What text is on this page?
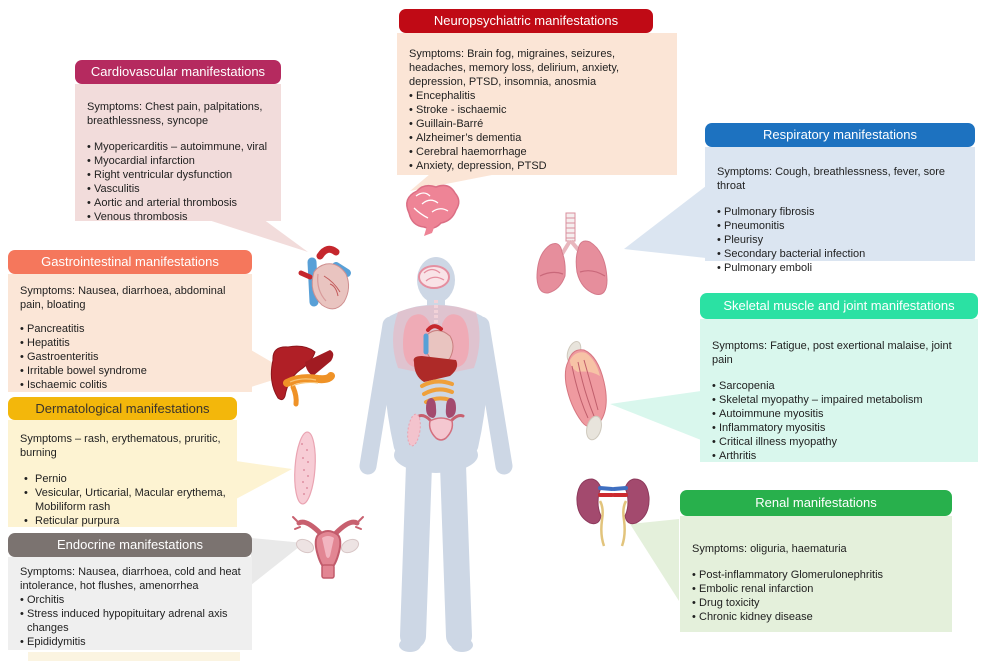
Cardiovascular manifestations
Symptoms: Chest pain, palpitations, breathlessness, syncope
• Myopericarditis – autoimmune, viral
• Myocardial infarction
• Right ventricular dysfunction
• Vasculitis
• Aortic and arterial thrombosis
• Venous thrombosis
Neuropsychiatric manifestations
Symptoms: Brain fog, migraines, seizures, headaches, memory loss, delirium, anxiety, depression, PTSD, insomnia, anosmia
• Encephalitis
• Stroke - ischaemic
• Guillain-Barré
• Alzheimer’s dementia
• Cerebral haemorrhage
• Anxiety, depression, PTSD
Respiratory manifestations
Symptoms: Cough, breathlessness, fever, sore throat
• Pulmonary fibrosis
• Pneumonitis
• Pleurisy
• Secondary bacterial infection
• Pulmonary emboli
Gastrointestinal manifestations
Symptoms: Nausea, diarrhoea, abdominal pain, bloating
• Pancreatitis
• Hepatitis
• Gastroenteritis
• Irritable bowel syndrome
• Ischaemic colitis
Skeletal muscle and joint manifestations
Symptoms: Fatigue, post exertional malaise, joint pain
• Sarcopenia
• Skeletal myopathy – impaired metabolism
• Autoimmune myositis
• Inflammatory myositis
• Critical illness myopathy
• Arthritis
Dermatological manifestations
Symptoms – rash, erythematous, pruritic, burning
• Pernio
• Vesicular, Urticarial, Macular erythema, Mobiliform rash
• Reticular purpura
Renal manifestations
Symptoms: oliguria, haematuria
• Post-inflammatory Glomerulonephritis
• Embolic renal infarction
• Drug toxicity
• Chronic kidney disease
Endocrine manifestations
Symptoms: Nausea, diarrhoea, cold and heat intolerance, hot flushes, amenorrhea
• Orchitis
• Stress induced hypopituitary adrenal axis changes
• Epididymitis
